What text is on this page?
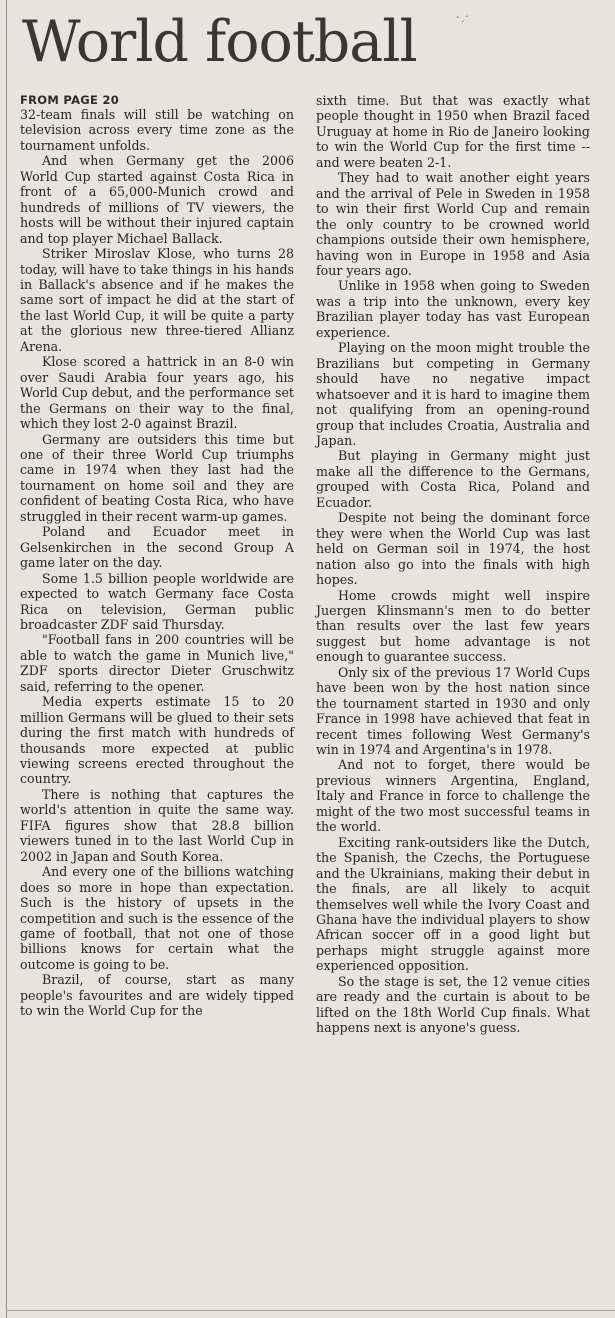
World football	˗ˏ·
FROM PAGE 20

32-team finals will still be watching on television across every time zone as the tournament unfolds.

And when Germany get the 2006 World Cup started against Costa Rica in front of a 65,000-Munich crowd and hundreds of millions of TV viewers, the hosts will be without their injured captain and top player Michael Ballack.

Striker Miroslav Klose, who turns 28 today, will have to take things in his hands in Ballack's absence and if he makes the same sort of impact he did at the start of the last World Cup, it will be quite a party at the glorious new three-tiered Allianz Arena.

Klose scored a hattrick in an 8-0 win over Saudi Arabia four years ago, his World Cup debut, and the performance set the Germans on their way to the final, which they lost 2-0 against Brazil.

Germany are outsiders this time but one of their three World Cup triumphs came in 1974 when they last had the tournament on home soil and they are confident of beating Costa Rica, who have struggled in their recent warm-up games.

Poland and Ecuador meet in Gelsenkirchen in the second Group A game later on the day.

Some 1.5 billion people worldwide are expected to watch Germany face Costa Rica on television, German public broadcaster ZDF said Thursday.

"Football fans in 200 countries will be able to watch the game in Munich live," ZDF sports director Dieter Gruschwitz said, referring to the opener.

Media experts estimate 15 to 20 million Germans will be glued to their sets during the first match with hundreds of thousands more expected at public viewing screens erected throughout the country.

There is nothing that captures the world's attention in quite the same way. FIFA figures show that 28.8 billion viewers tuned in to the last World Cup in 2002 in Japan and South Korea.

And every one of the billions watching does so more in hope than expectation. Such is the history of upsets in the competition and such is the essence of the game of football, that not one of those billions knows for certain what the outcome is going to be.

Brazil, of course, start as many people's favourites and are widely tipped to win the World Cup for the

sixth time. But that was exactly what people thought in 1950 when Brazil faced Uruguay at home in Rio de Janeiro looking to win the World Cup for the first time -- and were beaten 2-1.

They had to wait another eight years and the arrival of Pele in Sweden in 1958 to win their first World Cup and remain the only country to be crowned world champions outside their own hemisphere, having won in Europe in 1958 and Asia four years ago.

Unlike in 1958 when going to Sweden was a trip into the unknown, every key Brazilian player today has vast European experience.

Playing on the moon might trouble the Brazilians but competing in Germany should have no negative impact whatsoever and it is hard to imagine them not qualifying from an opening-round group that includes Croatia, Australia and Japan.

But playing in Germany might just make all the difference to the Germans, grouped with Costa Rica, Poland and Ecuador.

Despite not being the dominant force they were when the World Cup was last held on German soil in 1974, the host nation also go into the finals with high hopes.

Home crowds might well inspire Juergen Klinsmann's men to do better than results over the last few years suggest but home advantage is not enough to guarantee success.

Only six of the previous 17 World Cups have been won by the host nation since the tournament started in 1930 and only France in 1998 have achieved that feat in recent times following West Germany's win in 1974 and Argentina's in 1978.

And not to forget, there would be previous winners Argentina, England, Italy and France in force to challenge the might of the two most successful teams in the world.

Exciting rank-outsiders like the Dutch, the Spanish, the Czechs, the Portuguese and the Ukrainians, making their debut in the finals, are all likely to acquit themselves well while the Ivory Coast and Ghana have the individual players to show African soccer off in a good light but perhaps might struggle against more experienced opposition.

So the stage is set, the 12 venue cities are ready and the curtain is about to be lifted on the 18th World Cup finals. What happens next is anyone's guess.
